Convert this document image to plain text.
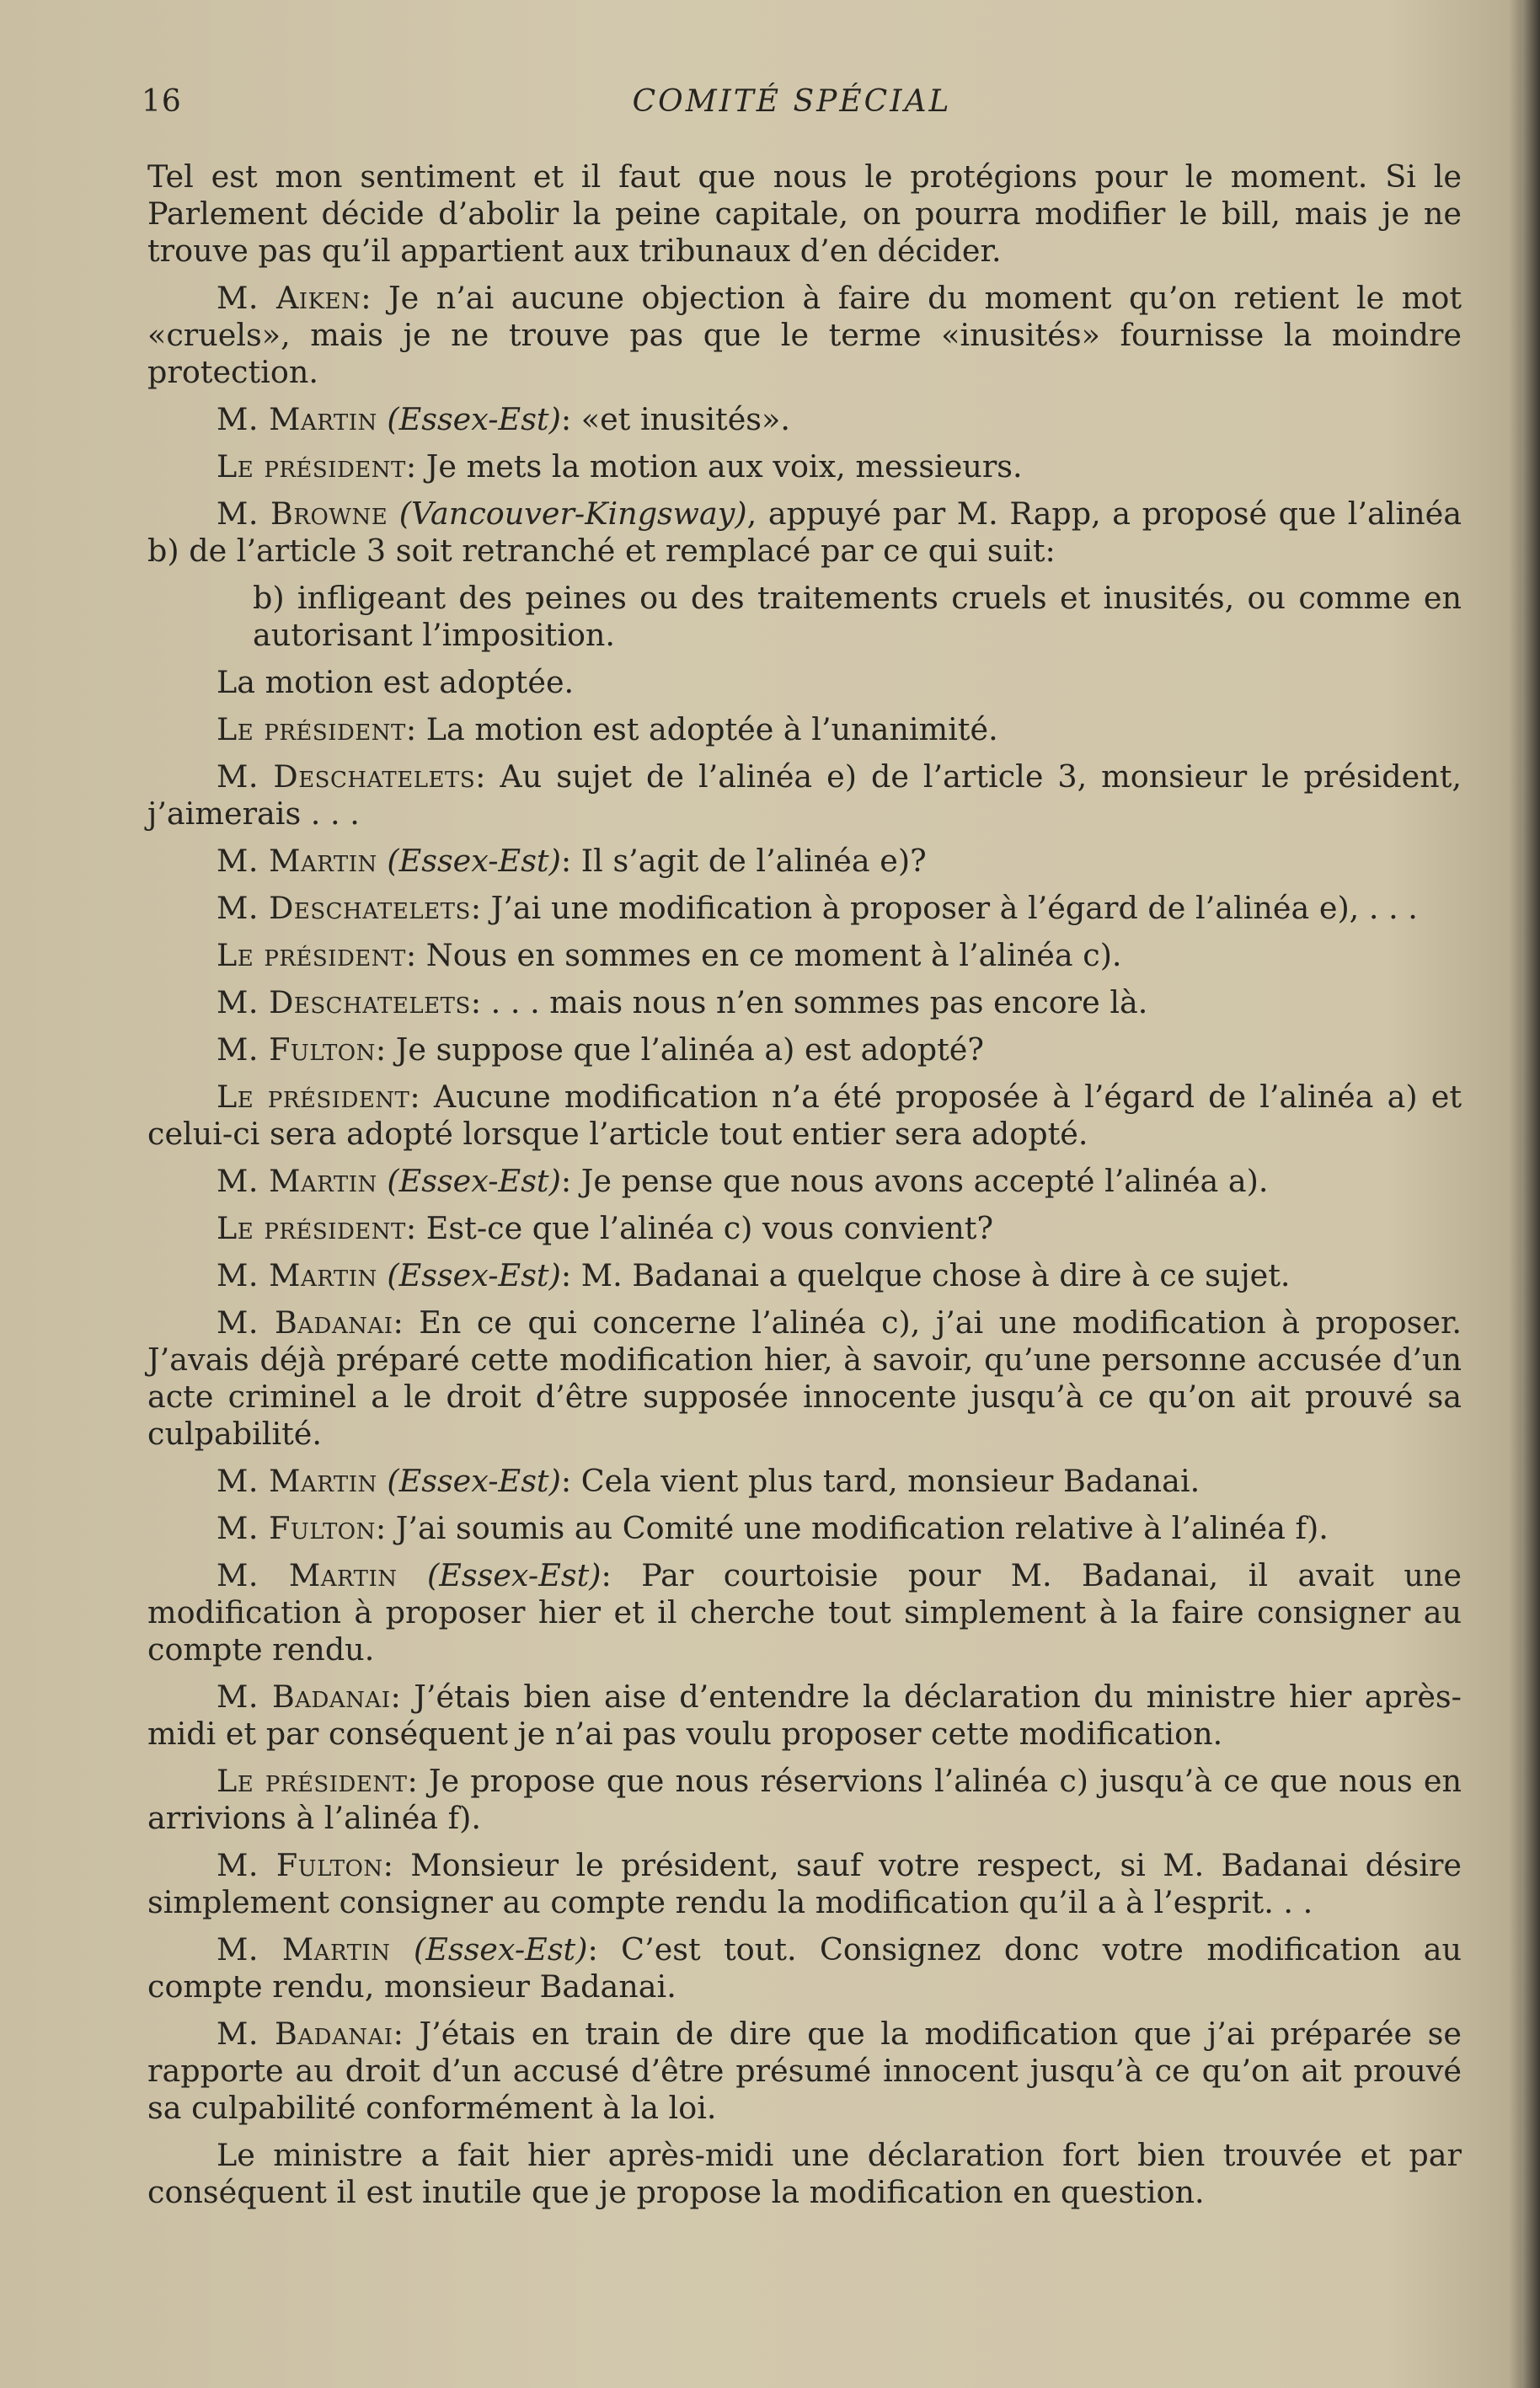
16	COMITÉ SPÉCIAL

Tel est mon sentiment et il faut que nous le protégions pour le moment. Si le Parlement décide d’abolir la peine capitale, on pourra modifier le bill, mais je ne trouve pas qu’il appartient aux tribunaux d’en décider.

M. Aiken: Je n’ai aucune objection à faire du moment qu’on retient le mot «cruels», mais je ne trouve pas que le terme «inusités» fournisse la moindre protection.

M. Martin (Essex-Est): «et inusités».

Le président: Je mets la motion aux voix, messieurs.

M. Browne (Vancouver-Kingsway), appuyé par M. Rapp, a proposé que l’alinéa b) de l’article 3 soit retranché et remplacé par ce qui suit:

b) infligeant des peines ou des traitements cruels et inusités, ou comme en autorisant l’imposition.

La motion est adoptée.

Le président: La motion est adoptée à l’unanimité.

M. Deschatelets: Au sujet de l’alinéa e) de l’article 3, monsieur le président, j’aimerais . . .

M. Martin (Essex-Est): Il s’agit de l’alinéa e)?

M. Deschatelets: J’ai une modification à proposer à l’égard de l’alinéa e), . . .

Le président: Nous en sommes en ce moment à l’alinéa c).

M. Deschatelets: . . . mais nous n’en sommes pas encore là.

M. Fulton: Je suppose que l’alinéa a) est adopté?

Le président: Aucune modification n’a été proposée à l’égard de l’alinéa a) et celui-ci sera adopté lorsque l’article tout entier sera adopté.

M. Martin (Essex-Est): Je pense que nous avons accepté l’alinéa a).

Le président: Est-ce que l’alinéa c) vous convient?

M. Martin (Essex-Est): M. Badanai a quelque chose à dire à ce sujet.

M. Badanai: En ce qui concerne l’alinéa c), j’ai une modification à proposer. J’avais déjà préparé cette modification hier, à savoir, qu’une personne accusée d’un acte criminel a le droit d’être supposée innocente jusqu’à ce qu’on ait prouvé sa culpabilité.

M. Martin (Essex-Est): Cela vient plus tard, monsieur Badanai.

M. Fulton: J’ai soumis au Comité une modification relative à l’alinéa f).

M. Martin (Essex-Est): Par courtoisie pour M. Badanai, il avait une modification à proposer hier et il cherche tout simplement à la faire consigner au compte rendu.

M. Badanai: J’étais bien aise d’entendre la déclaration du ministre hier après-midi et par conséquent je n’ai pas voulu proposer cette modification.

Le président: Je propose que nous réservions l’alinéa c) jusqu’à ce que nous en arrivions à l’alinéa f).

M. Fulton: Monsieur le président, sauf votre respect, si M. Badanai désire simplement consigner au compte rendu la modification qu’il a à l’esprit. . .

M. Martin (Essex-Est): C’est tout. Consignez donc votre modification au compte rendu, monsieur Badanai.

M. Badanai: J’étais en train de dire que la modification que j’ai préparée se rapporte au droit d’un accusé d’être présumé innocent jusqu’à ce qu’on ait prouvé sa culpabilité conformément à la loi.

Le ministre a fait hier après-midi une déclaration fort bien trouvée et par conséquent il est inutile que je propose la modification en question.
